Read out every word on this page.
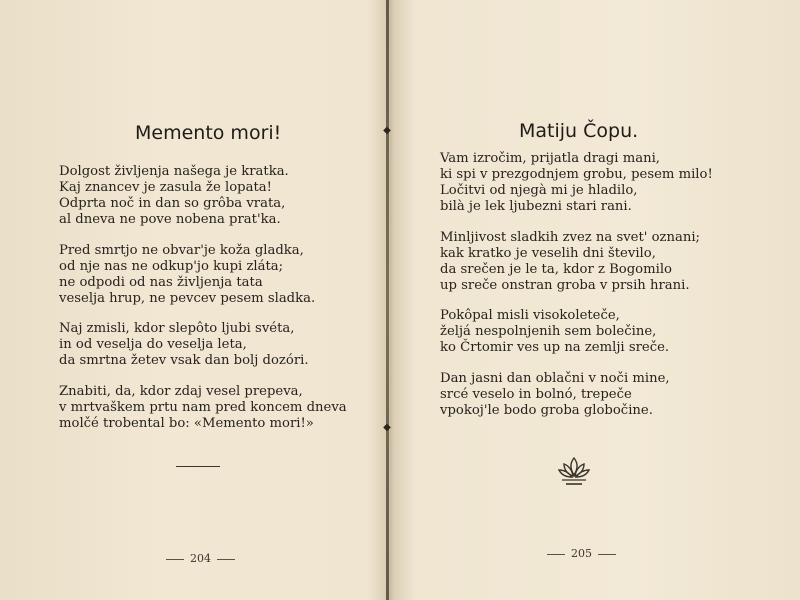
◆
◆
Memento mori!
Dolgost življenja našega je kratka.
Kaj znancev je zasula že lopata!
Odprta noč in dan so grôba vrata,
al dneva ne pove nobena prat'ka.
Pred smrtjo ne obvar'je koža gladka,
od nje nas ne odkup'jo kupi zláta;
ne odpodi od nas življenja tata
veselja hrup, ne pevcev pesem sladka.
Naj zmisli, kdor slepôto ljubi svéta,
in od veselja do veselja leta,
da smrtna žetev vsak dan bolj dozóri.
Znabiti, da, kdor zdaj vesel prepeva,
v mrtvaškem prtu nam pred koncem dneva
molčé trobental bo: «Memento mori!»
204
Matiju Čopu.
Vam izročim, prijatla dragi mani,
ki spi v prezgodnjem grobu, pesem milo!
Ločitvi od njegà mi je hladilo,
bilà je lek ljubezni stari rani.
Minljivost sladkih zvez na svet' oznani;
kak kratko je veselih dni število,
da srečen je le ta, kdor z Bogomilo
up sreče onstran groba v prsih hrani.
Pokôpal misli visokoleteče,
željá nespolnjenih sem bolečine,
ko Črtomir ves up na zemlji sreče.
Dan jasni dan oblačni v noči mine,
srcé veselo in bolnó, trepeče
vpokoj'le bodo groba globočine.
205
